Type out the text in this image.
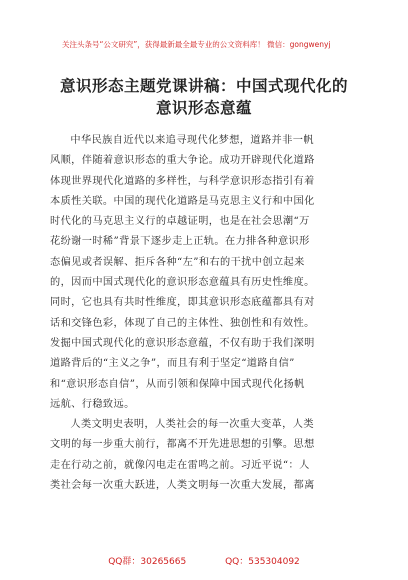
关注头条号“公文研究”，获得最新最全最专业的公文资料库！ 微信：gongwenyj
意识形态主题党课讲稿：中国式现代化的
意识形态意蕴
中华民族自近代以来追寻现代化梦想，道路并非一帆
风顺，伴随着意识形态的重大争论。成功开辟现代化道路
体现世界现代化道路的多样性，与科学意识形态指引有着
本质性关联。中国的现代化道路是马克思主义行和中国化
时代化的马克思主义行的卓越证明，也是在社会思潮“万
花纷谢一时稀”背景下逐步走上正轨。在力排各种意识形
态偏见或者误解、拒斥各种“左”和右的干扰中创立起来
的，因而中国式现代化的意识形态意蕴具有历史性维度。
同时，它也具有共时性维度，即其意识形态底蕴都具有对
话和交锋色彩，体现了自己的主体性、独创性和有效性。
发掘中国式现代化的意识形态意蕴，不仅有助于我们深明
道路背后的“主义之争”，而且有利于坚定“道路自信”
和“意识形态自信”，从而引领和保障中国式现代化扬帆
远航、行稳致远。
人类文明史表明，人类社会的每一次重大变革，人类
文明的每一步重大前行，都离不开先进思想的引擎。思想
走在行动之前，就像闪电走在雷鸣之前。习近平说“：人
类社会每一次重大跃进，人类文明每一次重大发展，都离
QQ群：30265665	QQ：535304092
